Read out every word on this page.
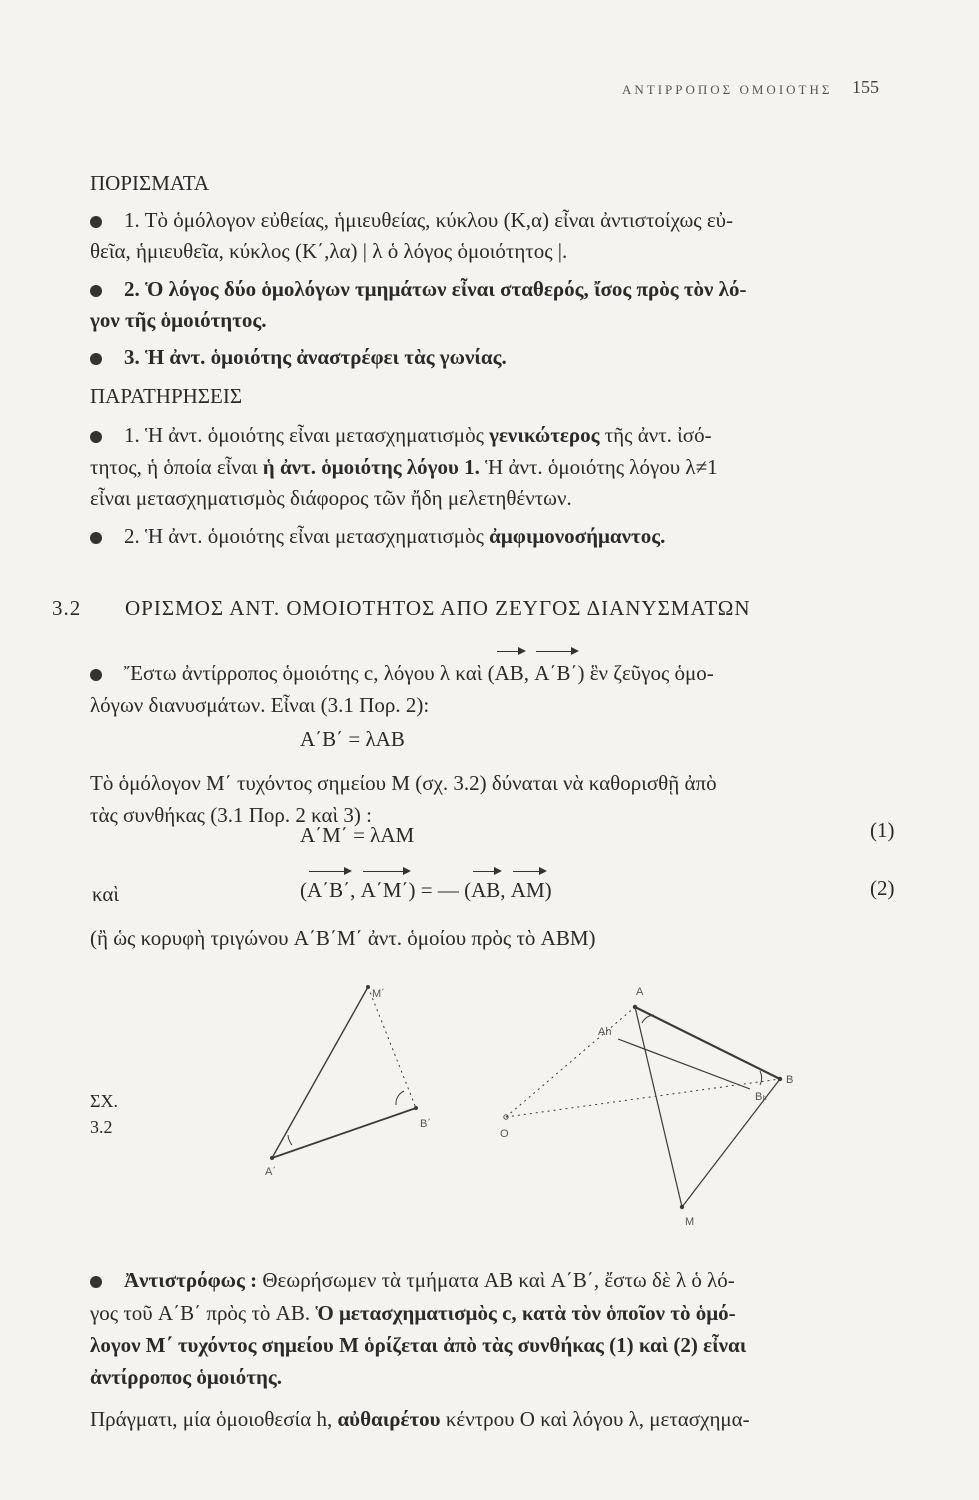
ΑΝΤΙΡΡΟΠΟΣ ΟΜΟΙΟΤΗΣ 155
ΠΟΡΙΣΜΑΤΑ
1. Τὸ ὁμόλογον εὐθείας, ἡμιευθείας, κύκλου (Κ,α) εἶναι ἀντιστοίχως εὐ-
θεῖα, ἡμιευθεῖα, κύκλος (Κ΄,λα) | λ ὁ λόγος ὁμοιότητος |.
2. Ὁ λόγος δύο ὁμολόγων τμημάτων εἶναι σταθερός, ἴσος πρὸς τὸν λό-
γον τῆς ὁμοιότητος.
3. Ἡ ἀντ. ὁμοιότης ἀναστρέφει τὰς γωνίας.
ΠΑΡΑΤΗΡΗΣΕΙΣ
1. Ἡ ἀντ. ὁμοιότης εἶναι μετασχηματισμὸς γενικώτερος τῆς ἀντ. ἰσό-
τητος, ἡ ὁποία εἶναι ἡ ἀντ. ὁμοιότης λόγου 1. Ἡ ἀντ. ὁμοιότης λόγου λ≠1
εἶναι μετασχηματισμὸς διάφορος τῶν ἤδη μελετηθέντων.
2. Ἡ ἀντ. ὁμοιότης εἶναι μετασχηματισμὸς ἀμφιμονοσήμαντος.
3.2 ΟΡΙΣΜΟΣ ΑΝΤ. ΟΜΟΙΟΤΗΤΟΣ ΑΠΟ ΖΕΥΓΟΣ ΔΙΑΝΥΣΜΑΤΩΝ
Ἔστω ἀντίρροπος ὁμοιότης c, λόγου λ καὶ (AB, A΄B΄) ἓν ζεῦγος ὁμο-
λόγων διανυσμάτων. Εἶναι (3.1 Πορ. 2):
A΄B΄ = λAB
Τὸ ὁμόλογον M΄ τυχόντος σημείου M (σχ. 3.2) δύναται νὰ καθορισθῇ ἀπὸ
τὰς συνθήκας (3.1 Πορ. 2 καὶ 3) :
A΄M΄ = λAM	(1)
καὶ	(A΄B΄, A΄M΄) = — (AB, AM)	(2)
(ἢ ὡς κορυφὴ τριγώνου A΄B΄M΄ ἀντ. ὁμοίου πρὸς τὸ ABM)
ΣΧ.
3.2
M΄
B΄
A΄
A
Ah
B
Bₕ
O
M
Ἀντιστρόφως : Θεωρήσωμεν τὰ τμήματα AB καὶ A΄B΄, ἔστω δὲ λ ὁ λό-
γος τοῦ A΄B΄ πρὸς τὸ AB. Ὁ μετασχηματισμὸς c, κατὰ τὸν ὁποῖον τὸ ὁμό-
λογον M΄ τυχόντος σημείου M ὁρίζεται ἀπὸ τὰς συνθήκας (1) καὶ (2) εἶναι
ἀντίρροπος ὁμοιότης.
Πράγματι, μία ὁμοιοθεσία h, αὐθαιρέτου κέντρου O καὶ λόγου λ, μετασχημα-
